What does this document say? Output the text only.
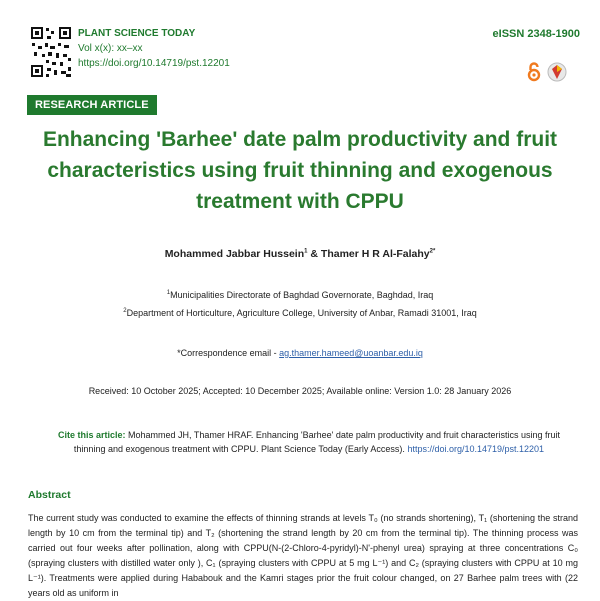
PLANT SCIENCE TODAY
Vol x(x): xx–xx
https://doi.org/10.14719/pst.12201
eISSN 2348-1900
RESEARCH ARTICLE
Enhancing 'Barhee' date palm productivity and fruit characteristics using fruit thinning and exogenous treatment with CPPU
Mohammed Jabbar Hussein$^1$ & Thamer H R Al-Falahy$^{2*}$
$^1$Municipalities Directorate of Baghdad Governorate, Baghdad, Iraq
$^2$Department of Horticulture, Agriculture College, University of Anbar, Ramadi 31001, Iraq
*Correspondence email - ag.thamer.hameed@uoanbar.edu.iq
Received: 10 October 2025; Accepted: 10 December 2025; Available online: Version 1.0: 28 January 2026
Cite this article: Mohammed JH, Thamer HRAF. Enhancing 'Barhee' date palm productivity and fruit characteristics using fruit thinning and exogenous treatment with CPPU. Plant Science Today (Early Access). https://doi.org/10.14719/pst.12201
Abstract
The current study was conducted to examine the effects of thinning strands at levels T₀ (no strands shortening), T₁ (shortening the strand length by 10 cm from the terminal tip) and T₂ (shortening the strand length by 20 cm from the terminal tip). The thinning process was carried out four weeks after pollination, along with CPPU(N-(2-Chloro-4-pyridyl)-N'-phenyl urea) spraying at three concentrations C₀ (spraying clusters with distilled water only ), C₁ (spraying clusters with CPPU at 5 mg L⁻¹) and C₂ (spraying clusters with CPPU at 10 mg L⁻¹). Treatments were applied during Hababouk and the Kamri stages prior the fruit colour changed, on 27 Barhee palm trees with (22 years old as uniform in
